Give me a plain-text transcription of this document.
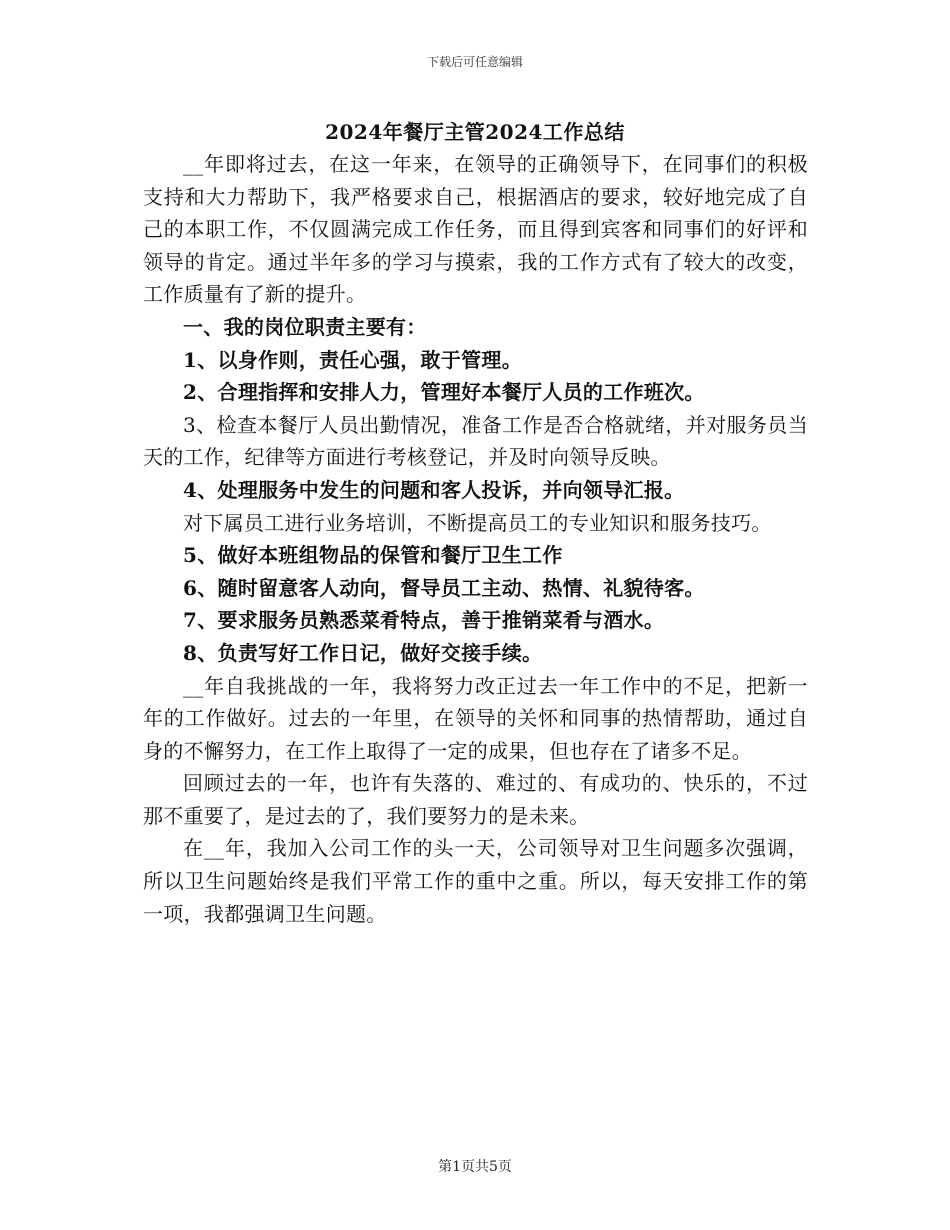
下载后可任意编辑
2024年餐厅主管2024工作总结

__年即将过去，在这一年来，在领导的正确领导下，在同事们的积极支持和大力帮助下，我严格要求自己，根据酒店的要求，较好地完成了自己的本职工作，不仅圆满完成工作任务，而且得到宾客和同事们的好评和领导的肯定。通过半年多的学习与摸索，我的工作方式有了较大的改变，工作质量有了新的提升。

一、我的岗位职责主要有：

1、以身作则，责任心强，敢于管理。

2、合理指挥和安排人力，管理好本餐厅人员的工作班次。

3、检查本餐厅人员出勤情况，准备工作是否合格就绪，并对服务员当天的工作，纪律等方面进行考核登记，并及时向领导反映。

4、处理服务中发生的问题和客人投诉，并向领导汇报。

对下属员工进行业务培训，不断提高员工的专业知识和服务技巧。

5、做好本班组物品的保管和餐厅卫生工作

6、随时留意客人动向，督导员工主动、热情、礼貌待客。

7、要求服务员熟悉菜肴特点，善于推销菜肴与酒水。

8、负责写好工作日记，做好交接手续。

__年自我挑战的一年，我将努力改正过去一年工作中的不足，把新一年的工作做好。过去的一年里，在领导的关怀和同事的热情帮助，通过自身的不懈努力，在工作上取得了一定的成果，但也存在了诸多不足。

回顾过去的一年，也许有失落的、难过的、有成功的、快乐的，不过那不重要了，是过去的了，我们要努力的是未来。

在__年，我加入公司工作的头一天，公司领导对卫生问题多次强调，所以卫生问题始终是我们平常工作的重中之重。所以，每天安排工作的第一项，我都强调卫生问题。

第1页共5页
